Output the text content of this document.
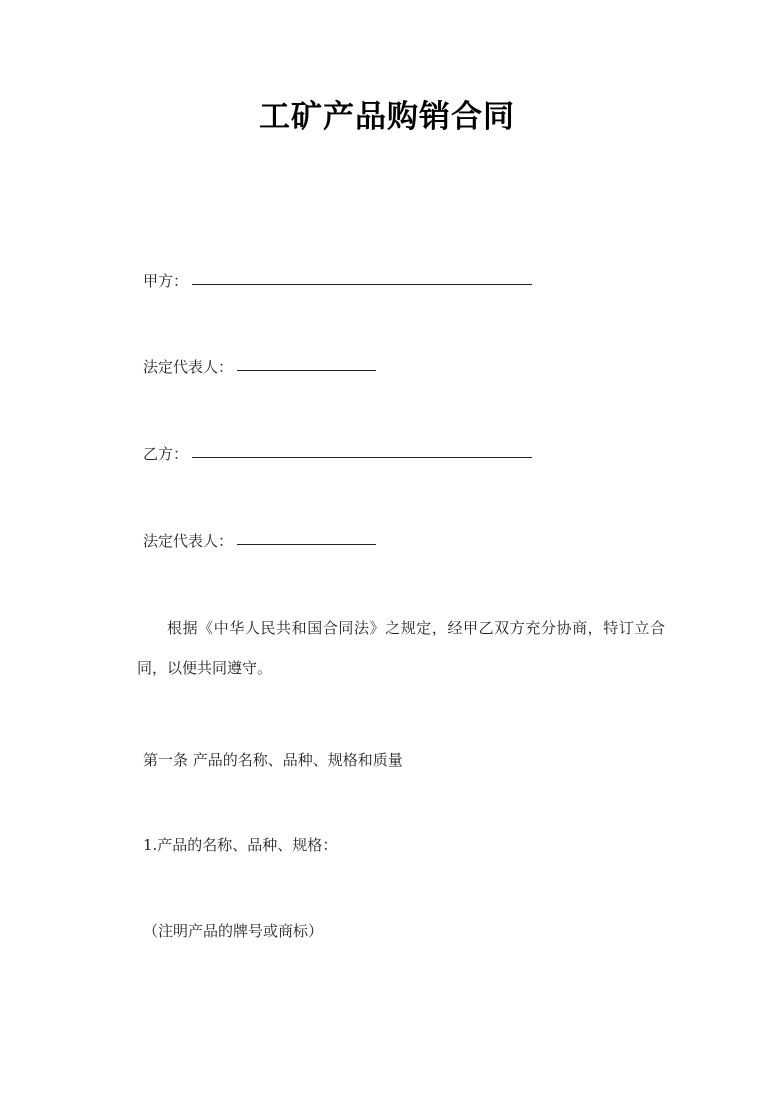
工矿产品购销合同
甲方：
法定代表人：
乙方：
法定代表人：
根据《中华人民共和国合同法》之规定，经甲乙双方充分协商，特订立合同，以便共同遵守。
第一条 产品的名称、品种、规格和质量
1.产品的名称、品种、规格：
（注明产品的牌号或商标）
